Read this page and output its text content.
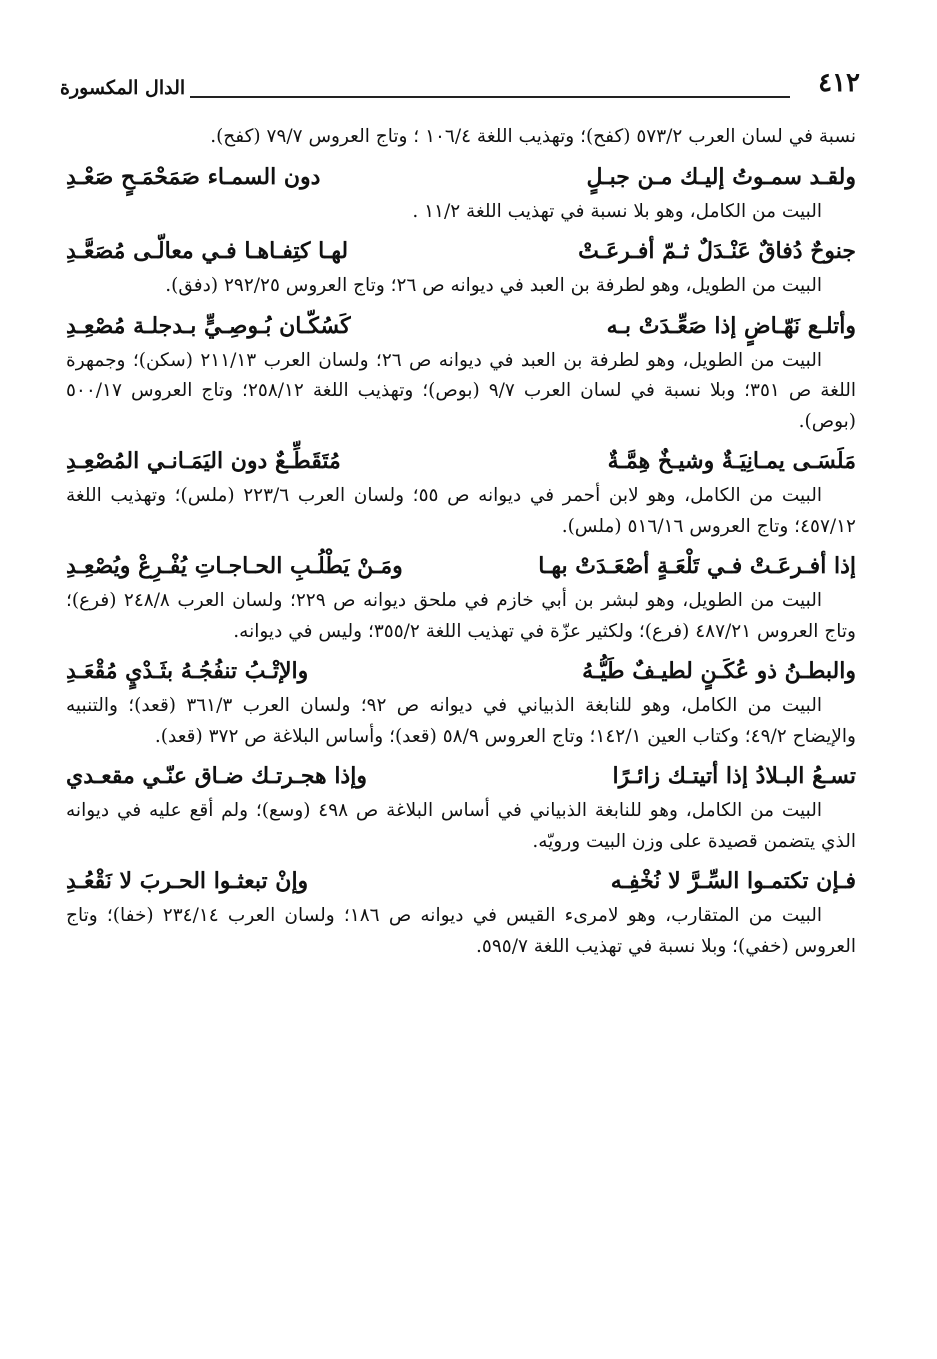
٤١٢
الدال المكسورة

نسبة في لسان العرب ٥٧٣/٢ (كفح)؛ وتهذيب اللغة ١٠٦/٤ ؛ وتاج العروس ٧٩/٧ (كفح).

ولقـد سمـوتُ إليـك مـن جبـلٍ
دون السمـاء صَمَحْمَـحٍ صَعْـدِ

البيت من الكامل، وهو بلا نسبة في تهذيب اللغة ١١/٢ .

جنوحٌ دُفاقٌ عَنْـدَلٌ ثـمّ أفـرعَـتْ
لهـا كتِفـاهـا فـي معالّـى مُصَعَّـدِ

البيت من الطويل، وهو لطرفة بن العبد في ديوانه ص ٢٦؛ وتاج العروس ٢٩٢/٢٥ (دفق).

وأتلـع نَهّـاضٍ إذا صَعِّـدَتْ بـه
كَسُكّـان بُـوصِـيٍّ بـدجلـة مُصْعِـدِ

البيت من الطويل، وهو لطرفة بن العبد في ديوانه ص ٢٦؛ ولسان العرب ٢١١/١٣ (سكن)؛ وجمهرة اللغة ص ٣٥١؛ وبلا نسبة في لسان العرب ٩/٧ (بوص)؛ وتهذيب اللغة ٢٥٨/١٢؛ وتاج العروس ٥٠٠/١٧ (بوص).

مَلَسَـى يمـانِيَـةٌ وشيـخٌ هِمَّـةٌ
مُتَقَطِّـعٌ دون اليَمَـانـي المُصْعِـدِ

البيت من الكامل، وهو لابن أحمر في ديوانه ص ٥٥؛ ولسان العرب ٢٢٣/٦ (ملس)؛ وتهذيب اللغة ٤٥٧/١٢؛ وتاج العروس ٥١٦/١٦ (ملس).

إذا أفـرعَـتْ فـي تَلْعَـةٍ أصْعَـدَتْ بهـا
ومَـنْ يَطْلُـبِ الحـاجـاتِ يُفْـرِعْ ويُصْعِـدِ

البيت من الطويل، وهو لبشر بن أبي خازم في ملحق ديوانه ص ٢٢٩؛ ولسان العرب ٢٤٨/٨ (فرع)؛ وتاج العروس ٤٨٧/٢١ (فرع)؛ ولكثير عزّة في تهذيب اللغة ٣٥٥/٢؛ وليس في ديوانه.

والبطـنُ ذو عُكَـنٍ لطيـفٌ طَيُّـهُ
والإتْـبُ تنفُجُـهُ بثَـدْيٍ مُقْعَـدِ

البيت من الكامل، وهو للنابغة الذبياني في ديوانه ص ٩٢؛ ولسان العرب ٣٦١/٣ (قعد)؛ والتنبيه والإيضاح ٤٩/٢؛ وكتاب العين ١٤٢/١؛ وتاج العروس ٥٨/٩ (قعد)؛ وأساس البلاغة ص ٣٧٢ (قعد).

تسـعُ البـلادُ إذا أتيتـك زائـرًا
وإذا هجـرتـك ضـاق عنّـي مقعـدي

البيت من الكامل، وهو للنابغة الذبياني في أساس البلاغة ص ٤٩٨ (وسع)؛ ولم أقع عليه في ديوانه الذي يتضمن قصيدة على وزن البيت ورويّه.

فـإن تكتمـوا السِّـرَّ لا نُخْفِـه
وإنْ تبعثـوا الحـربَ لا نَقْعُـدِ

البيت من المتقارب، وهو لامرىء القيس في ديوانه ص ١٨٦؛ ولسان العرب ٢٣٤/١٤ (خفا)؛ وتاج العروس (خفي)؛ وبلا نسبة في تهذيب اللغة ٥٩٥/٧.
